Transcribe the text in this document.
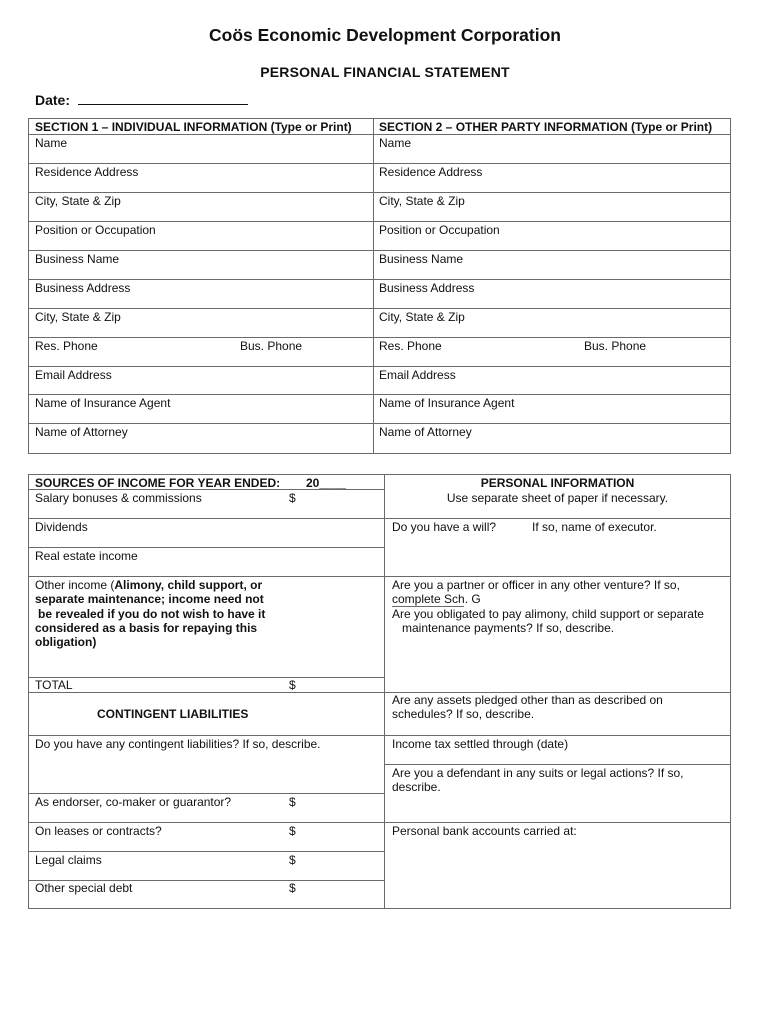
Coös Economic Development Corporation
PERSONAL FINANCIAL STATEMENT
Date:
SECTION 1 – INDIVIDUAL INFORMATION (Type or Print)
Name
Residence Address
City, State & Zip
Position or Occupation
Business Name
Business Address
City, State & Zip
Res. Phone	Bus. Phone
Email Address
Name of Insurance Agent
Name of Attorney
SECTION 2 – OTHER PARTY INFORMATION (Type or Print)
Name
Residence Address
City, State & Zip
Position or Occupation
Business Name
Business Address
City, State & Zip
Res. Phone	Bus. Phone
Email Address
Name of Insurance Agent
Name of Attorney
SOURCES OF INCOME FOR YEAR ENDED: 20____
Salary bonuses & commissions	$
Dividends
Real estate income
Other income (Alimony, child support, or
separate maintenance; income need not
be revealed if you do not wish to have it
considered as a basis for repaying this
obligation)
TOTAL	$
CONTINGENT LIABILITIES
Do you have any contingent liabilities? If so, describe.
As endorser, co-maker or guarantor?	$
On leases or contracts?	$
Legal claims	$
Other special debt	$
PERSONAL INFORMATION
Use separate sheet of paper if necessary.
Do you have a will?	If so, name of executor.
Are you a partner or officer in any other venture? If so,
complete Sch. G
Are you obligated to pay alimony, child support or separate
maintenance payments? If so, describe.
Are any assets pledged other than as described on
schedules? If so, describe.
Income tax settled through (date)
Are you a defendant in any suits or legal actions? If so,
describe.
Personal bank accounts carried at:
